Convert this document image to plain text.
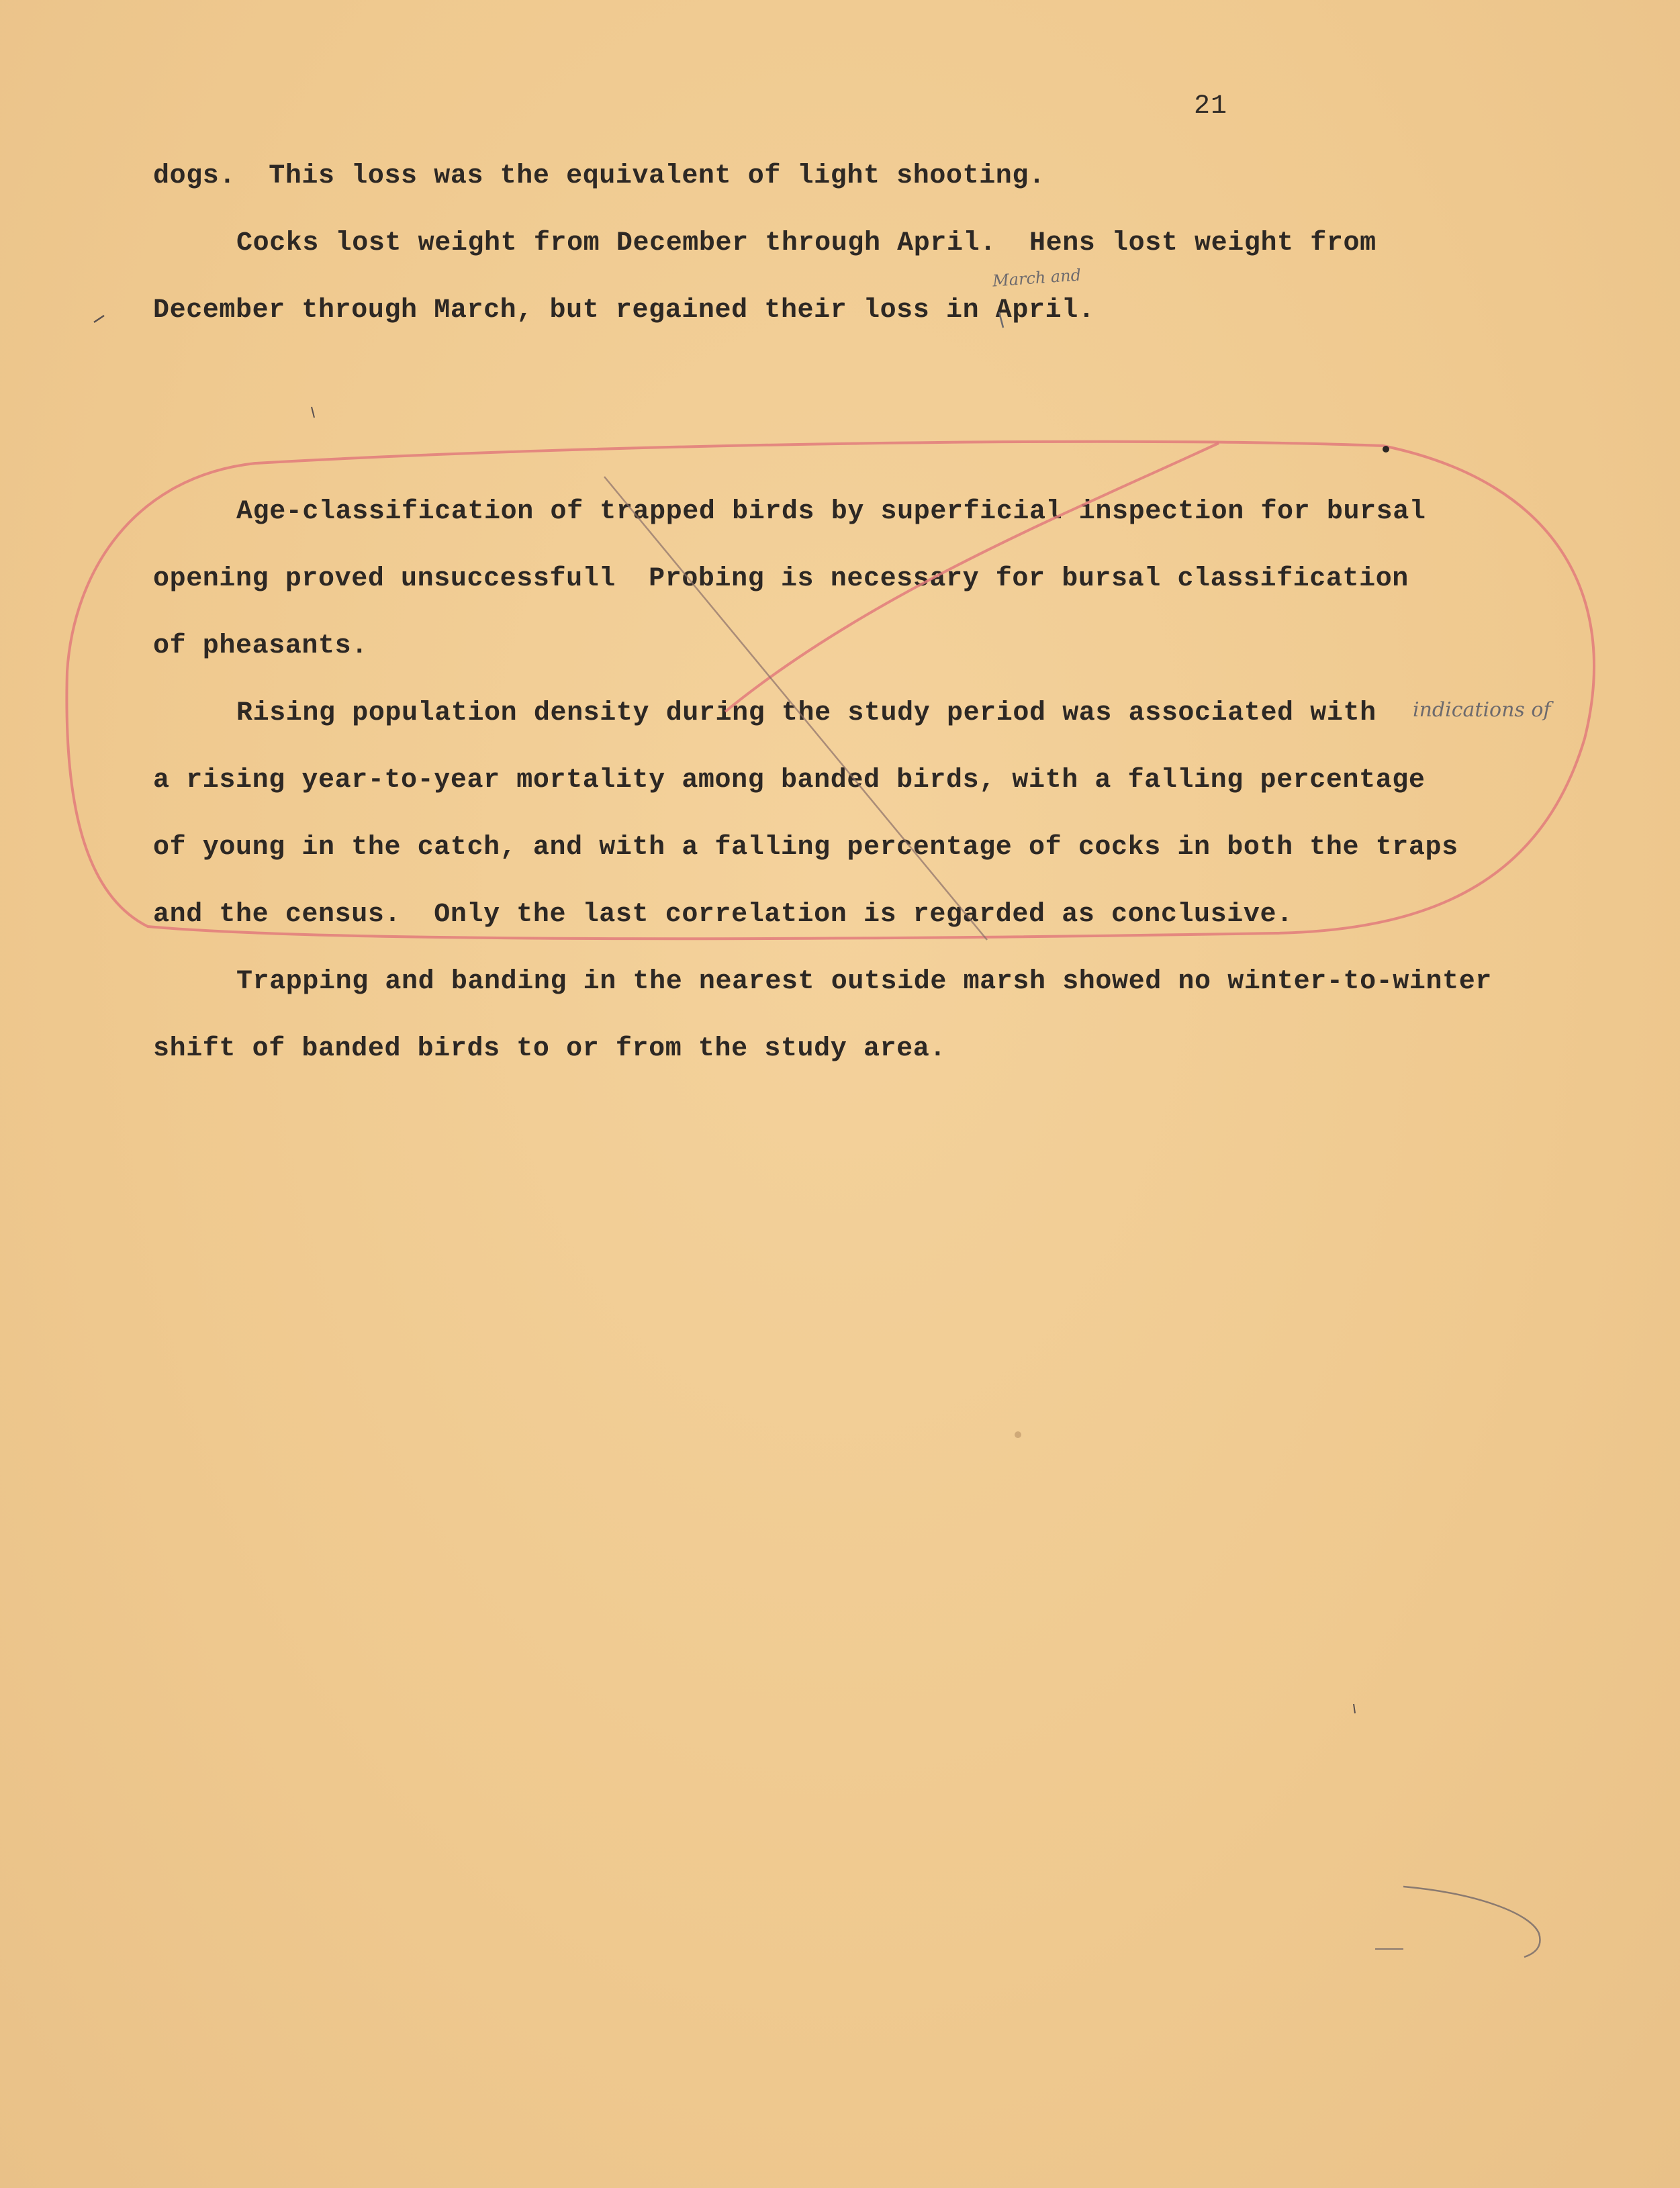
21

dogs.  This loss was the equivalent of light shooting.

Cocks lost weight from December through April.  Hens lost weight from

December through March, but regained their loss in April.

Age-classification of trapped birds by superficial inspection for bursal

opening proved unsuccessfull  Probing is necessary for bursal classification

of pheasants.

Rising population density during the study period was associated with

a rising year-to-year mortality among banded birds, with a falling percentage

of young in the catch, and with a falling percentage of cocks in both the traps

and the census.  Only the last correlation is regarded as conclusive.

Trapping and banding in the nearest outside marsh showed no winter-to-winter

shift of banded birds to or from the study area.

March and
indications of
